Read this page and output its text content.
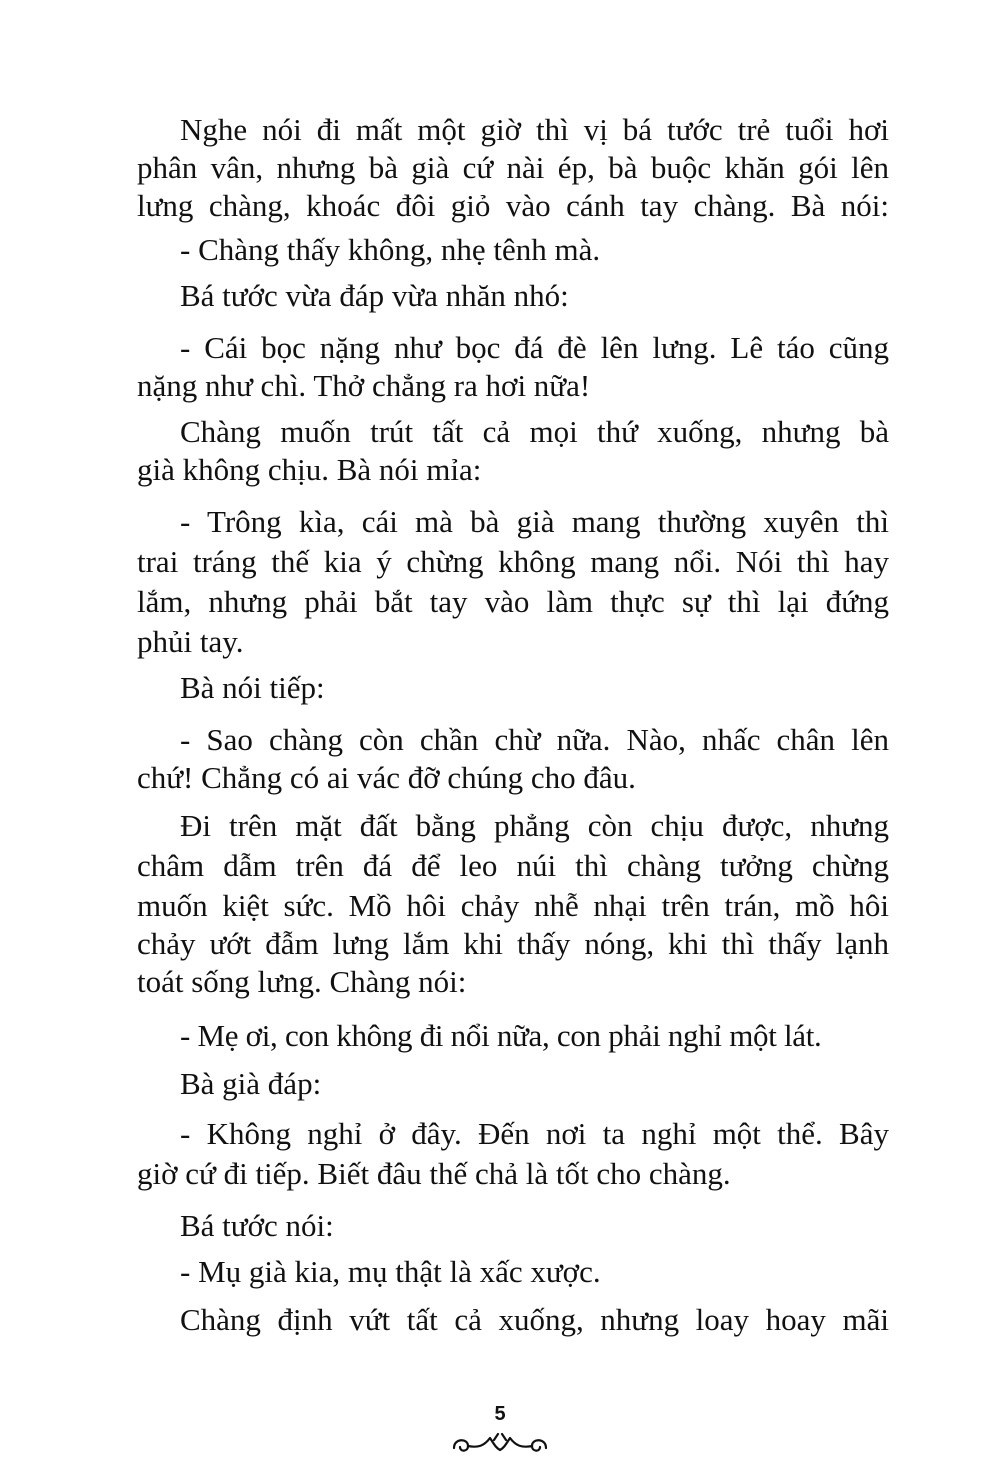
Nghe nói đi mất một giờ thì vị bá tước trẻ tuổi hơi
phân vân, nhưng bà già cứ nài ép, bà buộc khăn gói lên
lưng chàng, khoác đôi giỏ vào cánh tay chàng. Bà nói:
- Chàng thấy không, nhẹ tênh mà.
Bá tước vừa đáp vừa nhăn nhó:
- Cái bọc nặng như bọc đá đè lên lưng. Lê táo cũng
nặng như chì. Thở chẳng ra hơi nữa!
Chàng muốn trút tất cả mọi thứ xuống, nhưng bà
già không chịu. Bà nói mỉa:
- Trông kìa, cái mà bà già mang thường xuyên thì
trai tráng thế kia ý chừng không mang nổi. Nói thì hay
lắm, nhưng phải bắt tay vào làm thực sự thì lại đứng
phủi tay.
Bà nói tiếp:
- Sao chàng còn chần chừ nữa. Nào, nhấc chân lên
chứ! Chẳng có ai vác đỡ chúng cho đâu.
Đi trên mặt đất bằng phẳng còn chịu được, nhưng
châm dẫm trên đá để leo núi thì chàng tưởng chừng
muốn kiệt sức. Mồ hôi chảy nhễ nhại trên trán, mồ hôi
chảy ướt đẫm lưng lắm khi thấy nóng, khi thì thấy lạnh
toát sống lưng. Chàng nói:
- Mẹ ơi, con không đi nổi nữa, con phải nghỉ một lát.
Bà già đáp:
- Không nghỉ ở đây. Đến nơi ta nghỉ một thể. Bây
giờ cứ đi tiếp. Biết đâu thế chả là tốt cho chàng.
Bá tước nói:
- Mụ già kia, mụ thật là xấc xược.
Chàng định vứt tất cả xuống, nhưng loay hoay mãi
5
